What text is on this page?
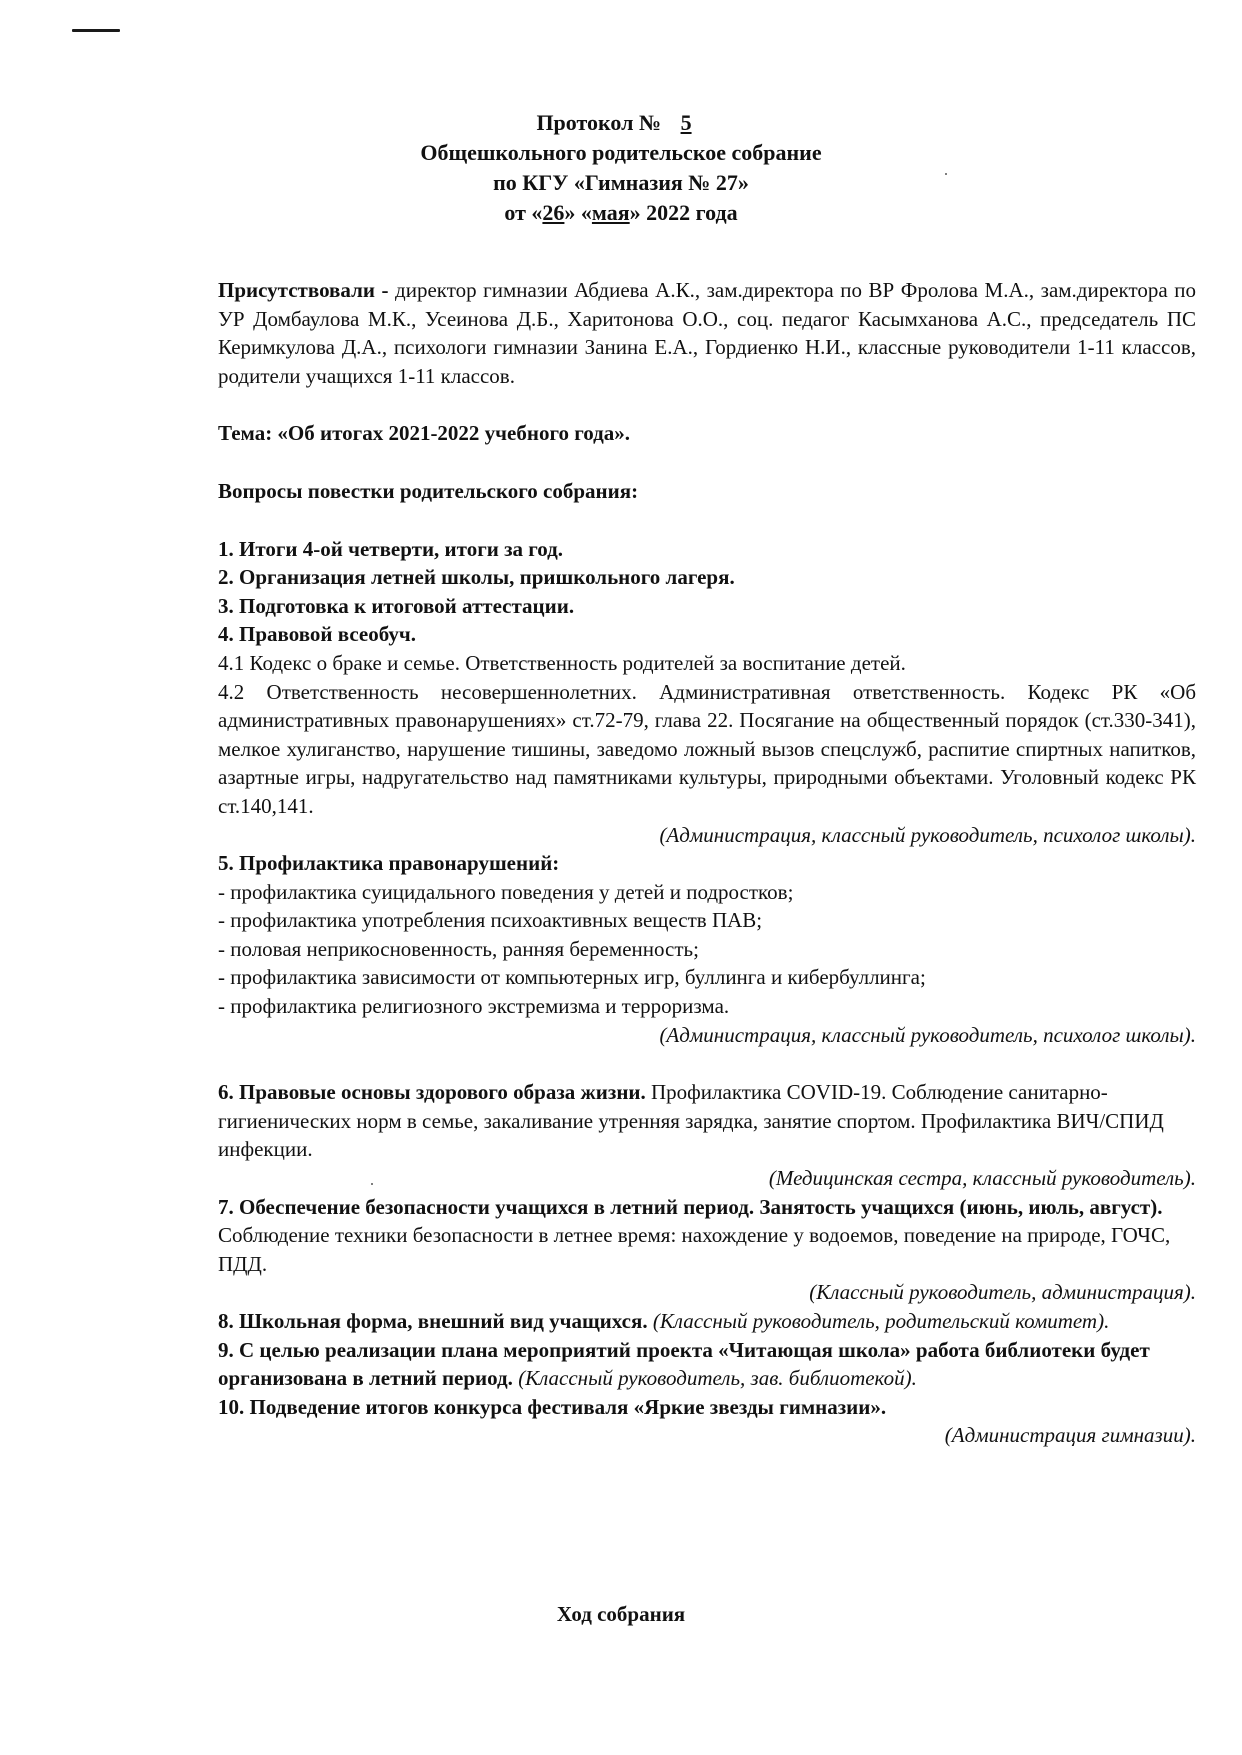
Протокол № 5
Общешкольного родительское собрание
по КГУ «Гимназия № 27»
от «26» «мая» 2022 года

Присутствовали - директор гимназии Абдиева А.К., зам.директора по ВР Фролова М.А., зам.директора по УР Домбаулова М.К., Усеинова Д.Б., Харитонова О.О., соц. педагог Касымханова А.С., председатель ПС Керимкулова Д.А., психологи гимназии Занина Е.А., Гордиенко Н.И., классные руководители 1-11 классов, родители учащихся 1-11 классов.

Тема: «Об итогах 2021-2022 учебного года».

Вопросы повестки родительского собрания:

1. Итоги 4-ой четверти, итоги за год.

2. Организация летней школы, пришкольного лагеря.

3. Подготовка к итоговой аттестации.

4. Правовой всеобуч.

4.1 Кодекс о браке и семье. Ответственность родителей за воспитание детей.

4.2 Ответственность несовершеннолетних. Административная ответственность. Кодекс РК «Об административных правонарушениях» ст.72-79, глава 22. Посягание на общественный порядок (ст.330-341), мелкое хулиганство, нарушение тишины, заведомо ложный вызов спецслужб, распитие спиртных напитков, азартные игры, надругательство над памятниками культуры, природными объектами. Уголовный кодекс РК ст.140,141.

(Администрация, классный руководитель, психолог школы).

5. Профилактика правонарушений:

- профилактика суицидального поведения у детей и подростков;

- профилактика употребления психоактивных веществ ПАВ;

- половая неприкосновенность, ранняя беременность;

- профилактика зависимости от компьютерных игр, буллинга и кибербуллинга;

- профилактика религиозного экстремизма и терроризма.

(Администрация, классный руководитель, психолог школы).

6. Правовые основы здорового образа жизни. Профилактика COVID-19. Соблюдение санитарно-гигиенических норм в семье, закаливание утренняя зарядка, занятие спортом. Профилактика ВИЧ/СПИД инфекции.

(Медицинская сестра, классный руководитель).

7. Обеспечение безопасности учащихся в летний период. Занятость учащихся (июнь, июль, август).

Соблюдение техники безопасности в летнее время: нахождение у водоемов, поведение на природе, ГОЧС, ПДД.

(Классный руководитель, администрация).

8. Школьная форма, внешний вид учащихся. (Классный руководитель, родительский комитет).

9. С целью реализации плана мероприятий проекта «Читающая школа» работа библиотеки будет организована в летний период. (Классный руководитель, зав. библиотекой).

10. Подведение итогов конкурса фестиваля «Яркие звезды гимназии».

(Администрация гимназии).

Ход собрания
